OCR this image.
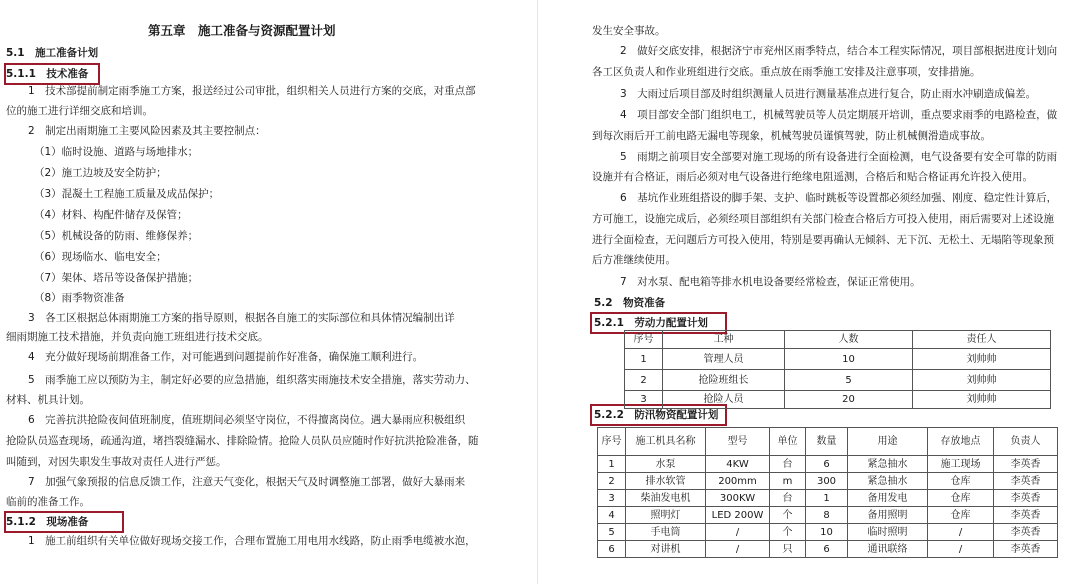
第五章　施工准备与资源配置计划
5.1　施工准备计划
5.1.1　技术准备
1　技术部提前制定雨季施工方案，报送经过公司审批，组织相关人员进行方案的交底，对重点部
位的施工进行详细交底和培训。
2　制定出雨期施工主要风险因素及其主要控制点：
（1）临时设施、道路与场地排水；
（2）施工边坡及安全防护；
（3）混凝土工程施工质量及成品保护；
（4）材料、构配件储存及保管；
（5）机械设备的防雨、维修保养；
（6）现场临水、临电安全；
（7）架体、塔吊等设备保护措施；
（8）雨季物资准备
3　各工区根据总体雨期施工方案的指导原则，根据各自施工的实际部位和具体情况编制出详
细雨期施工技术措施，并负责向施工班组进行技术交底。
4　充分做好现场前期准备工作，对可能遇到问题提前作好准备，确保施工顺利进行。
5　雨季施工应以预防为主，制定好必要的应急措施，组织落实雨施技术安全措施，落实劳动力、
材料、机具计划。
6　完善抗洪抢险夜间值班制度，值班期间必须坚守岗位，不得擅离岗位。遇大暴雨应积极组织
抢险队员巡查现场，疏通沟道，堵挡裂缝漏水、排除险情。抢险人员队员应随时作好抗洪抢险准备，随
叫随到，对因失职发生事故对责任人进行严惩。
7　加强气象预报的信息反馈工作，注意天气变化，根据天气及时调整施工部署，做好大暴雨来
临前的准备工作。
5.1.2　现场准备
1　施工前组织有关单位做好现场交接工作，合理布置施工用电用水线路，防止雨季电缆被水泡，
发生安全事故。
2　做好交底安排，根据济宁市兖州区雨季特点，结合本工程实际情况，项目部根据进度计划向
各工区负责人和作业班组进行交底。重点放在雨季施工安排及注意事项，安排措施。
3　大雨过后项目部及时组织测量人员进行测量基准点进行复合，防止雨水冲刷造成偏差。
4　项目部安全部门组织电工，机械驾驶员等人员定期展开培训，重点要求雨季的电路检查，做
到每次雨后开工前电路无漏电等现象，机械驾驶员谨慎驾驶，防止机械侧滑造成事故。
5　雨期之前项目安全部要对施工现场的所有设备进行全面检测，电气设备要有安全可靠的防雨
设施并有合格证，雨后必须对电气设备进行绝缘电阻遥测，合格后和贴合格证再允许投入使用。
6　基坑作业班组搭设的脚手架、支护、临时跳板等设置都必须经加强、刚度、稳定性计算后，
方可施工，设施完成后，必须经项目部组织有关部门检查合格后方可投入使用，雨后需要对上述设施
进行全面检查，无问题后方可投入使用，特别是要再确认无倾斜、无下沉、无松土、无塌陷等现象预
后方准继续使用。
7　对水泵、配电箱等排水机电设备要经常检查，保证正常使用。
5.2　物资准备
5.2.1　劳动力配置计划
5.2.2　防汛物资配置计划
序号	工种	人数	责任人
1	管理人员	10	刘帅帅
2	抢险班组长	5	刘帅帅
3	抢险人员	20	刘帅帅
序号	施工机具名称	型号	单位	数量	用途	存放地点	负责人
1	水泵	4KW	台	6	紧急抽水	施工现场	李英香
2	排水软管	200mm	m	300	紧急抽水	仓库	李英香
3	柴油发电机	300KW	台	1	备用发电	仓库	李英香
4	照明灯	LED 200W	个	8	备用照明	仓库	李英香
5	手电筒	/	个	10	临时照明	/	李英香
6	对讲机	/	只	6	通讯联络	/	李英香
